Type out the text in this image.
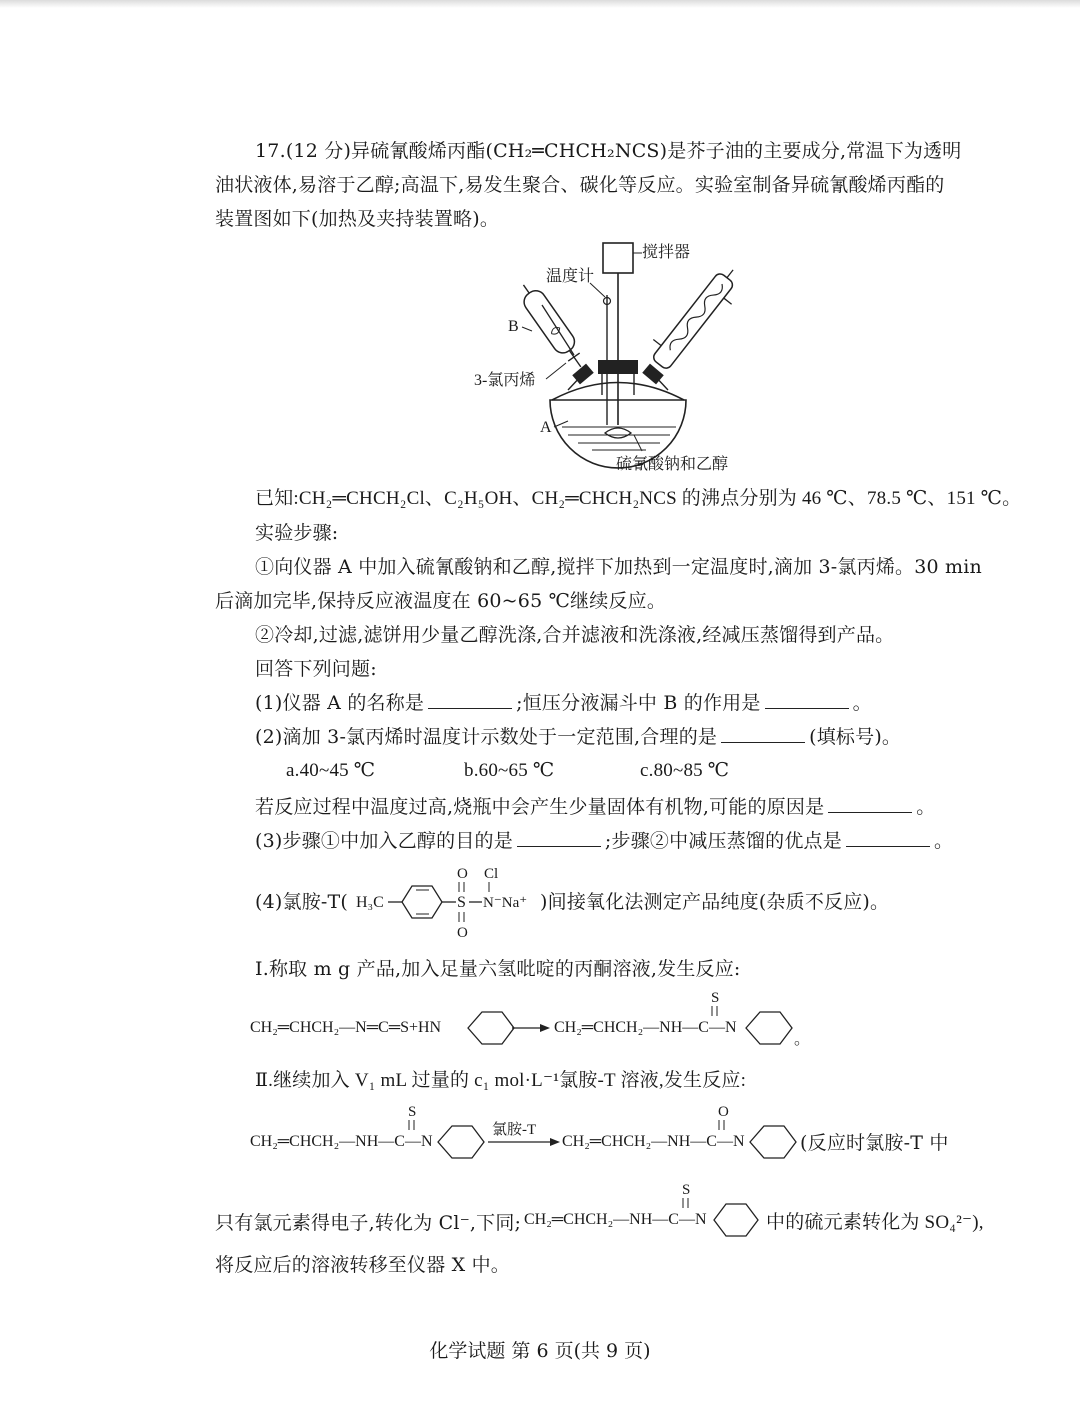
17.(12 分)异硫氰酸烯丙酯(CH₂═CHCH₂NCS)是芥子油的主要成分,常温下为透明
油状液体,易溶于乙醇;高温下,易发生聚合、碳化等反应。实验室制备异硫氰酸烯丙酯的
装置图如下(加热及夹持装置略)。
搅拌器
温度计
A
B
3-氯丙烯
硫氰酸钠和乙醇
已知:CH₂═CHCH₂Cl、C₂H₅OH、CH₂═CHCH₂NCS 的沸点分别为 46 ℃、78.5 ℃、151 ℃。
实验步骤:
①向仪器 A 中加入硫氰酸钠和乙醇,搅拌下加热到一定温度时,滴加 3-氯丙烯。30 min
后滴加完毕,保持反应液温度在 60~65 ℃继续反应。
②冷却,过滤,滤饼用少量乙醇洗涤,合并滤液和洗涤液,经减压蒸馏得到产品。
回答下列问题:
(1)仪器 A 的名称是	;恒压分液漏斗中 B 的作用是	。
(2)滴加 3-氯丙烯时温度计示数处于一定范围,合理的是	(填标号)。
a.40~45 ℃	b.60~65 ℃	c.80~85 ℃
若反应过程中温度过高,烧瓶中会产生少量固体有机物,可能的原因是	。
(3)步骤①中加入乙醇的目的是	;步骤②中减压蒸馏的优点是	。
(4)氯胺-T( H₃C	S
O
O
N⁻Na⁺
Cl
)间接氧化法测定产品纯度(杂质不反应)。
Ⅰ.称取 m g 产品,加入足量六氢吡啶的丙酮溶液,发生反应:
CH₂═CHCH₂—N═C═S+HN	CH₂═CHCH₂—NH—C—N
S
。
Ⅱ.继续加入 V₁ mL 过量的 c₁ mol·L⁻¹氯胺-T 溶液,发生反应:
CH₂═CHCH₂—NH—C—N
S
氯胺-T
CH₂═CHCH₂—NH—C—N
O
(反应时氯胺-T 中
只有氯元素得电子,转化为 Cl⁻,下同; CH₂═CHCH₂—NH—C—N
S
中的硫元素转化为 SO₄²⁻),
将反应后的溶液转移至仪器 X 中。
化学试题 第 6 页(共 9 页)
